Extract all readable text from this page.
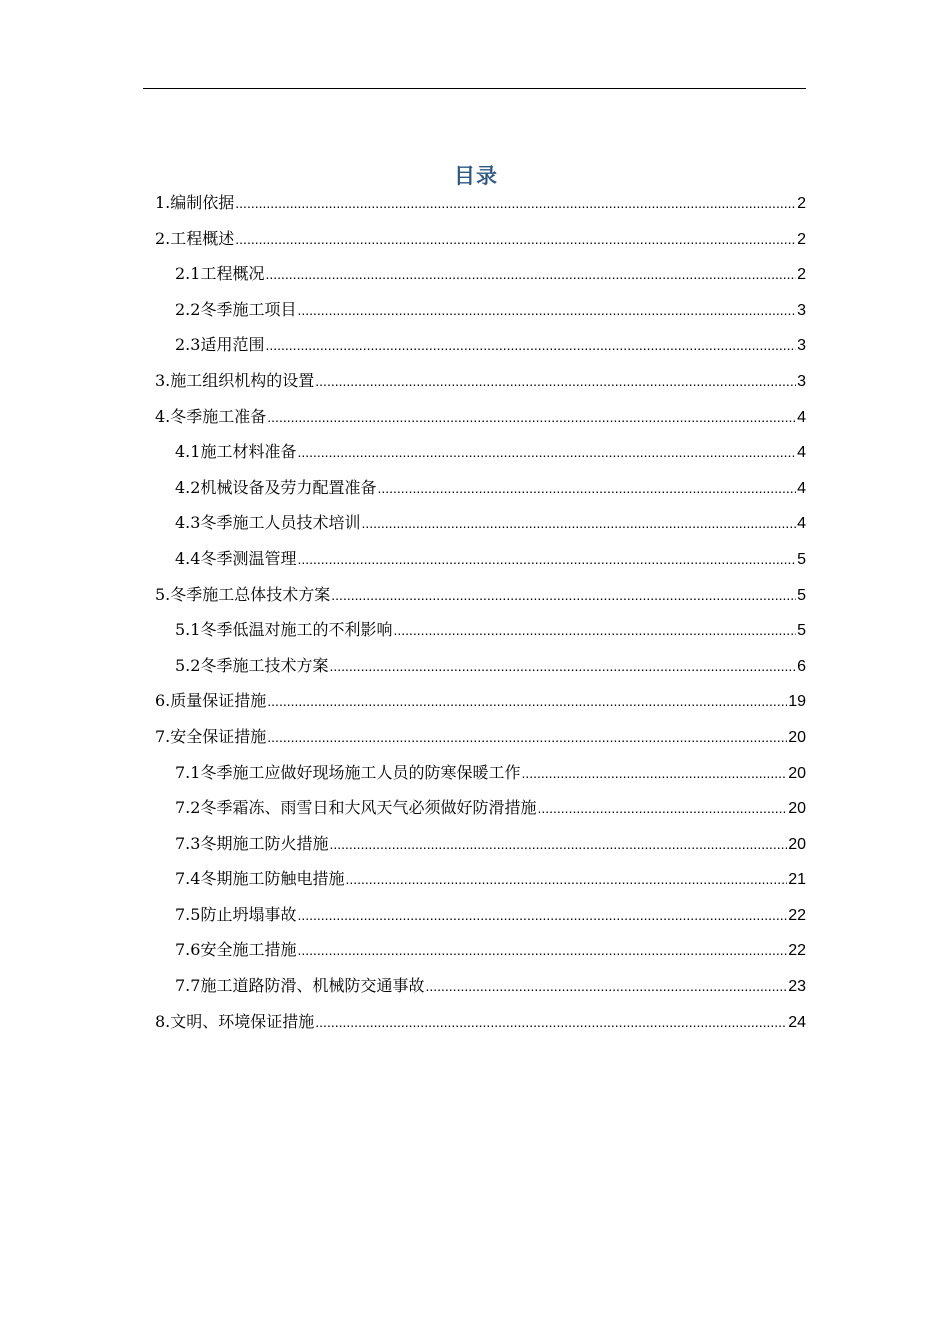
目录
1.编制依据 .....	2
2.工程概述 .....	2
2.1工程概况 .....	2
2.2冬季施工项目 .....	3
2.3适用范围 .....	3
3.施工组织机构的设置 .....	3
4.冬季施工准备 .....	4
4.1施工材料准备 .....	4
4.2机械设备及劳力配置准备 .....	4
4.3冬季施工人员技术培训 .....	4
4.4冬季测温管理 .....	5
5.冬季施工总体技术方案 .....	5
5.1冬季低温对施工的不利影响 .....	5
5.2冬季施工技术方案 .....	6
6.质量保证措施 .....	19
7.安全保证措施 .....	20
7.1冬季施工应做好现场施工人员的防寒保暖工作 .....	20
7.2冬季霜冻、雨雪日和大风天气必须做好防滑措施 .....	20
7.3冬期施工防火措施 .....	20
7.4冬期施工防触电措施 .....	21
7.5防止坍塌事故 .....	22
7.6安全施工措施 .....	22
7.7施工道路防滑、机械防交通事故 .....	23
8.文明、环境保证措施 .....	24
